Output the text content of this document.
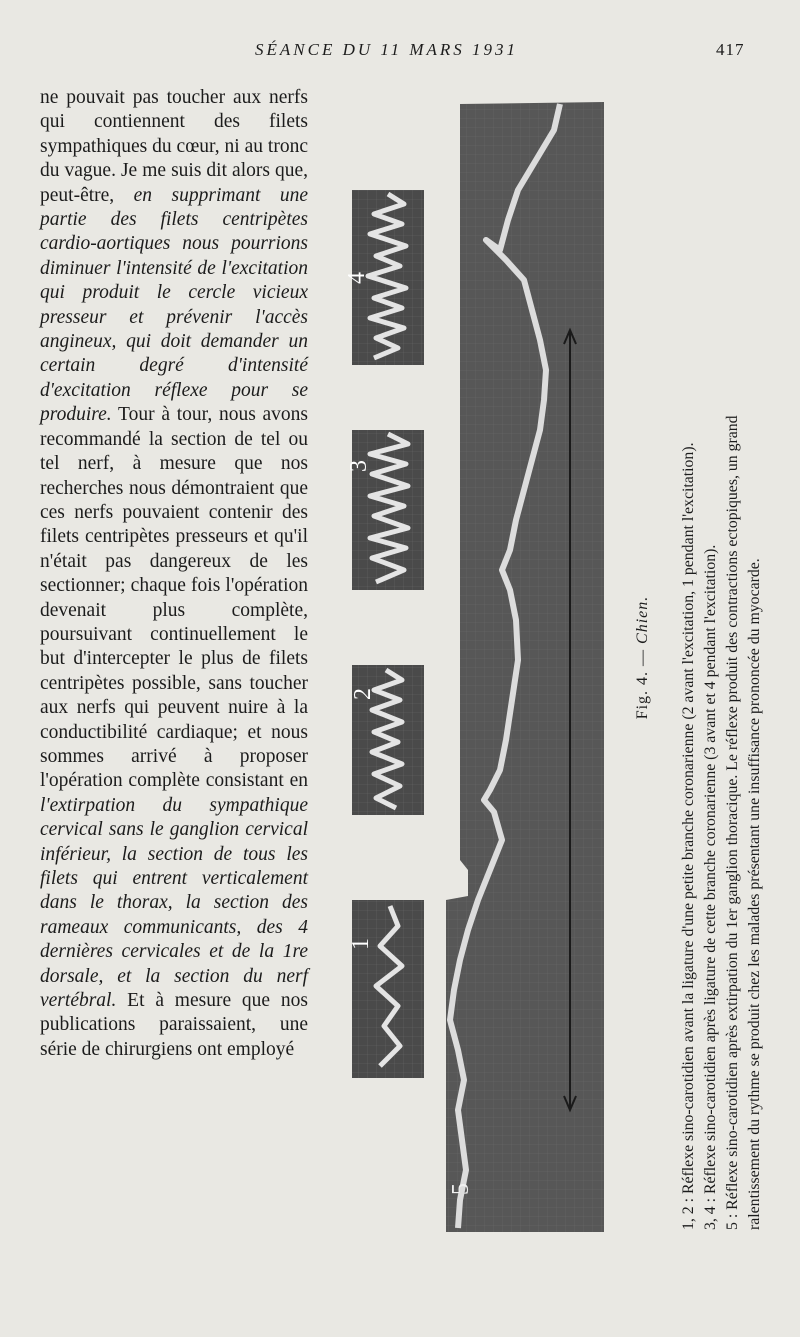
SÉANCE DU 11 MARS 1931	417

ne pouvait pas toucher aux nerfs qui contiennent des filets sympathiques du cœur, ni au tronc du vague. Je me suis dit alors que, peut-être, en supprimant une partie des filets centripètes cardio-aortiques nous pourrions diminuer l'intensité de l'excitation qui produit le cercle vicieux presseur et prévenir l'accès angineux, qui doit demander un certain degré d'intensité d'excitation réflexe pour se produire. Tour à tour, nous avons recommandé la section de tel ou tel nerf, à mesure que nos recherches nous démontraient que ces nerfs pouvaient contenir des filets centripètes presseurs et qu'il n'était pas dangereux de les sectionner; chaque fois l'opération devenait plus complète, poursuivant continuellement le but d'intercepter le plus de filets centripètes possible, sans toucher aux nerfs qui peuvent nuire à la conductibilité cardiaque; et nous sommes arrivé à proposer l'opération complète consistant en l'extirpation du sympathique cervical sans le ganglion cervical inférieur, la section de tous les filets qui entrent verticalement dans le thorax, la section des rameaux communicants, des 4 dernières cervicales et de la 1re dorsale, et la section du nerf vertébral. Et à mesure que nos publications paraissaient, une série de chirurgiens ont employé

4
3
2
1
5
Fig. 4. — Chien. 1, 2 : Réflexe sino-carotidien avant la ligature d'une petite branche coronarienne (2 avant l'excitation, 1 pendant l'excitation). 3, 4 : Réflexe sino-carotidien après ligature de cette branche coronarienne (3 avant et 4 pendant l'excitation). 5 : Réflexe sino-carotidien après extirpation du 1er ganglion thoracique. Le réflexe produit des contractions ectopiques, un grand ralentissement du rythme se produit chez les malades présentant une insuffisance prononcée du myocarde.
